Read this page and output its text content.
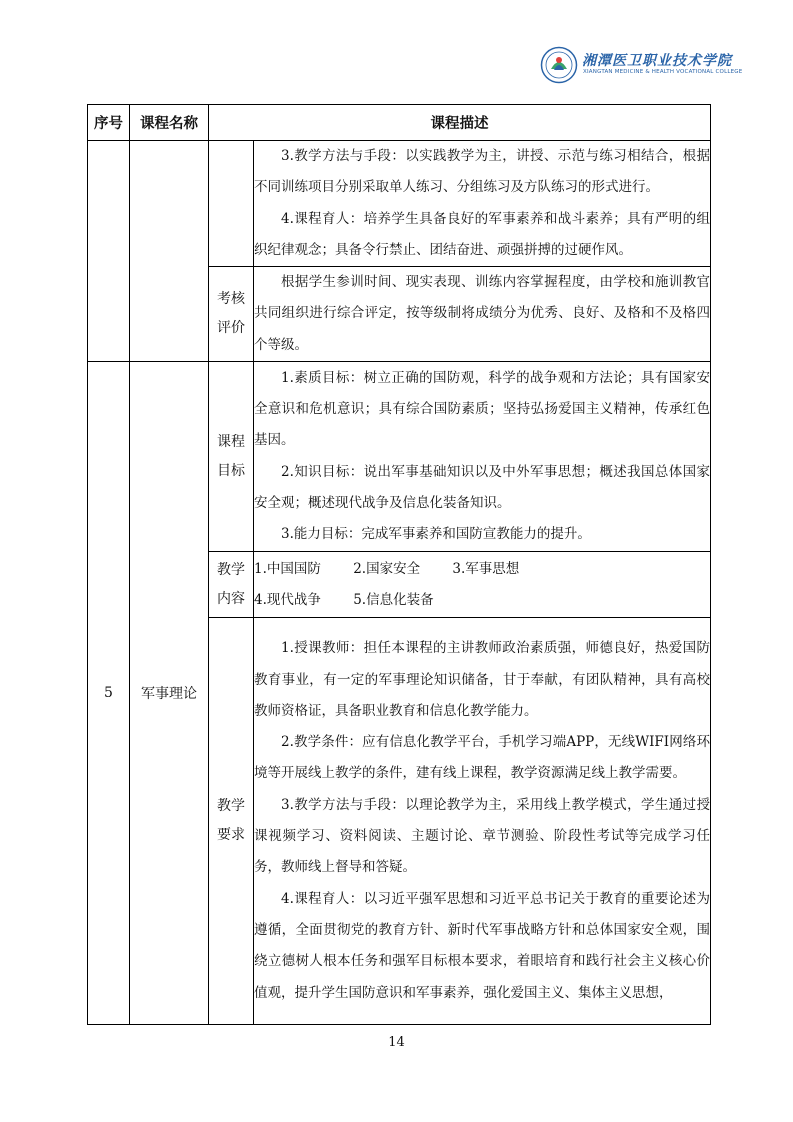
湘潭医卫职业技术学院
XIANGTAN MEDICINE & HEALTH VOCATIONAL COLLEGE
序号	课程名称	课程描述	

			3.教学方法与手段：以实践教学为主，讲授、示范与练习相结合，根据不同训练项目分别采取单人练习、分组练习及方队练习的形式进行。

4.课程育人：培养学生具备良好的军事素养和战斗素养；具有严明的组织纪律观念；具备令行禁止、团结奋进、顽强拼搏的过硬作风。

		考核评价	根据学生参训时间、现实表现、训练内容掌握程度，由学校和施训教官共同组织进行综合评定，按等级制将成绩分为优秀、良好、及格和不及格四个等级。

5	军事理论	课程目标	1.素质目标：树立正确的国防观，科学的战争观和方法论；具有国家安全意识和危机意识；具有综合国防素质；坚持弘扬爱国主义精神，传承红色基因。

2.知识目标：说出军事基础知识以及中外军事思想；概述我国总体国家安全观；概述现代战争及信息化装备知识。

3.能力目标：完成军事素养和国防宣教能力的提升。

		教学内容	1.中国国防 2.国家安全 3.军事思想
4.现代战争 5.信息化装备

		教学要求	1.授课教师：担任本课程的主讲教师政治素质强，师德良好，热爱国防教育事业，有一定的军事理论知识储备，甘于奉献，有团队精神，具有高校教师资格证，具备职业教育和信息化教学能力。

2.教学条件：应有信息化教学平台，手机学习端APP，无线WIFI网络环境等开展线上教学的条件，建有线上课程，教学资源满足线上教学需要。

3.教学方法与手段：以理论教学为主，采用线上教学模式，学生通过授课视频学习、资料阅读、主题讨论、章节测验、阶段性考试等完成学习任务，教师线上督导和答疑。

4.课程育人：以习近平强军思想和习近平总书记关于教育的重要论述为遵循，全面贯彻党的教育方针、新时代军事战略方针和总体国家安全观，围绕立德树人根本任务和强军目标根本要求，着眼培育和践行社会主义核心价值观，提升学生国防意识和军事素养，强化爱国主义、集体主义思想，

14
